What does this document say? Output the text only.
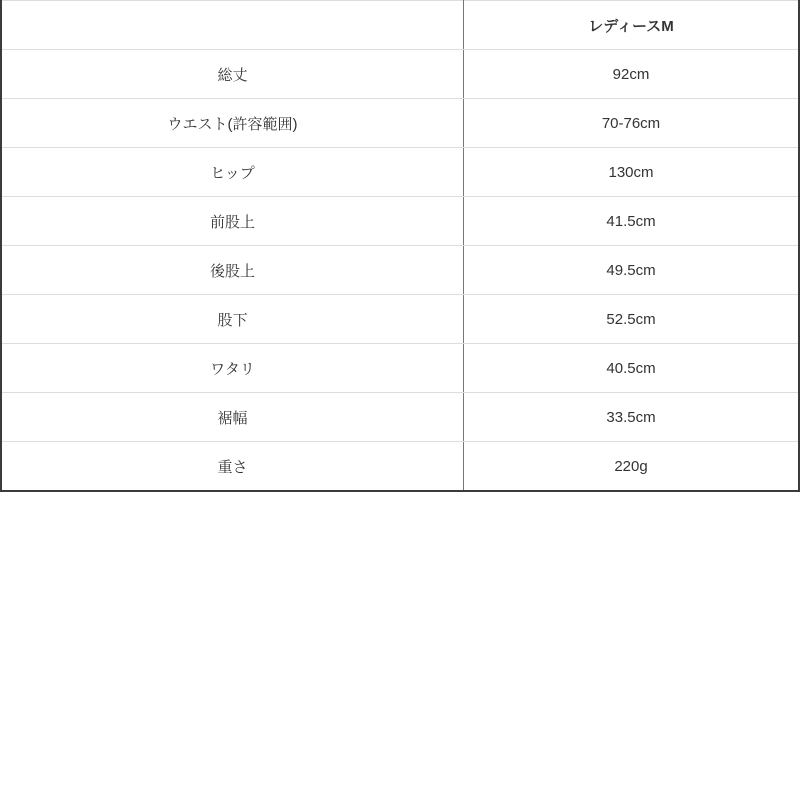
	レディースM
総丈	92cm
ウエスト(許容範囲)	70-76cm
ヒップ	130cm
前股上	41.5cm
後股上	49.5cm
股下	52.5cm
ワタリ	40.5cm
裾幅	33.5cm
重さ	220g
